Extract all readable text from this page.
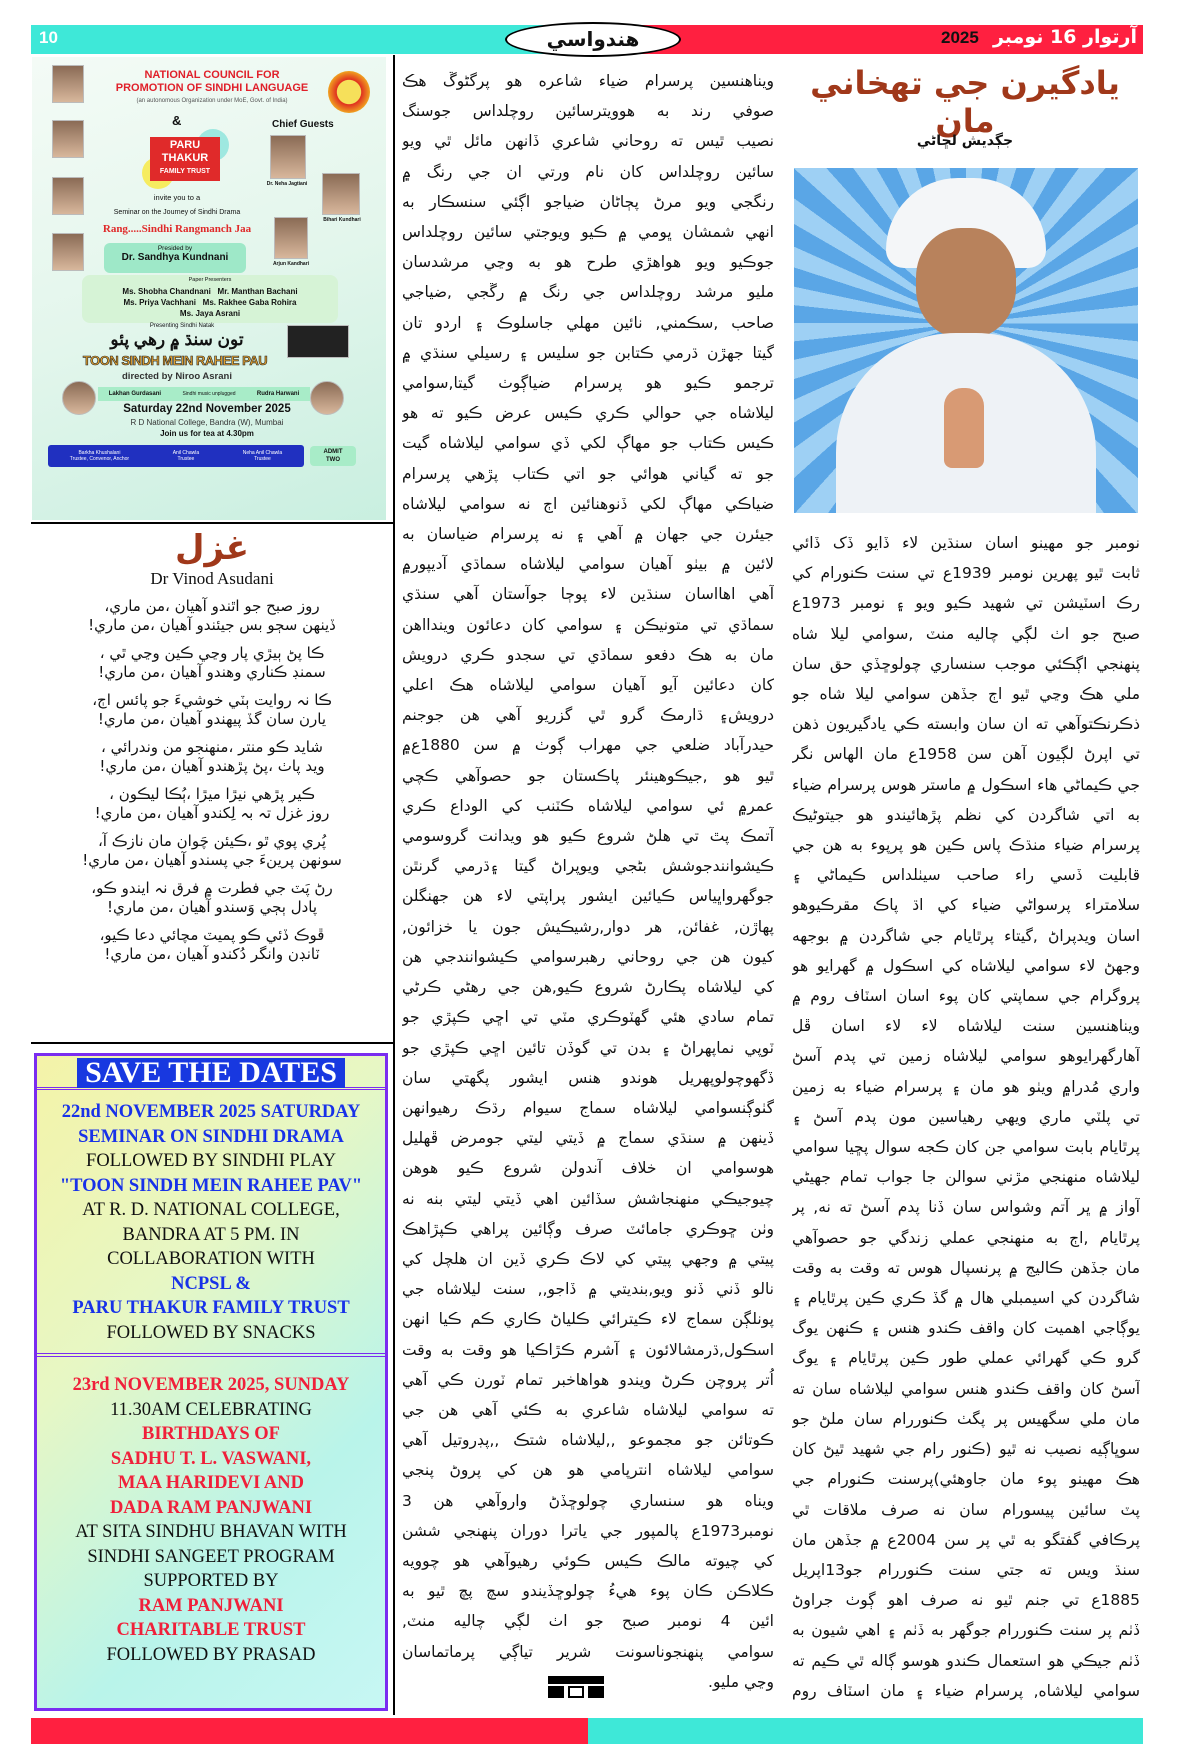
10	هندواسي	2025 آرتوار 16 نومبر
NATIONAL COUNCIL FOR
PROMOTION OF SINDHI LANGUAGE
(an autonomous Organization under MoE, Govt. of India)
&
PARU
THAKUR
FAMILY TRUST
Chief Guests
Dr. Neha Jagtiani
Bihari Kundhari
Arjun Kandhari
invite you to a
Seminar on the Journey of Sindhi Drama
Rang.....Sindhi Rangmanch Jaa
Presided by
Dr. Sandhya Kundnani
Paper Presenters
Ms. Shobha Chandnani Mr. Manthan Bachani
Ms. Priya Vachhani Ms. Rakhee Gaba Rohira
Ms. Jaya Asrani
Presenting Sindhi Natak
تون سنڌ ۾ رهي پئو
TOON SINDH MEIN RAHEE PAU
directed by Niroo Asrani
Lakhan Gurdasani	Sindhi music unplugged	Rudra Harwani
Saturday 22nd November 2025
R D National College, Bandra (W), Mumbai
Join us for tea at 4.30pm
Barkha Khushalani
Trustee, Convenor, Anchor
Anil Chawla
Trustee
Neha Anil Chawla
Trustee
ADMIT TWO
غزل
Dr Vinod Asudani
روز صبح جو اٿندو آهيان ،من ماري،
ڏينهن سڄو بس جيئندو آهيان ،من ماري!
ڪا پڻ ٻيڙي پار وڃي ڪين وڃي ٿي ،
سمنڊ ڪناري وهندو آهيان ،من ماري!
ڪا نہ روايت ٻٽي خوشيءَ جو پائس اڄ،
يارن سان گڏ پيهندو آهيان ،من ماري!
شايد ڪو منتر ،منهنجو من وندرائي ،
ويد پاٺ ،پڻ پڙهندو آهيان ،من ماري!
ڪير پڙهي نيڙا ميڙا ،ٻُڪا ليڪون ،
روز غزل تہ بہ لِکندو آهيان ،من ماري!
پُري پوي ٿو ،ڪيئن چَوان مان نازڪ آ،
سونهن پرينءَ جي پسندو آهيان ،من ماري!
رڻ پَٽ جي فطرت ۾ فرق نہ ايندو ڪو،
پادل ٻڄي وَسندو آهيان ،من ماري!
ڦوڪ ڏئي ڪو پميٽ مچائي دعا ڪيو،
ٽانڊن وانگر دُکندو آهيان ،من ماري!
SAVE THE DATES
22nd NOVEMBER 2025 SATURDAY
SEMINAR ON SINDHI DRAMA
FOLLOWED BY SINDHI PLAY
"TOON SINDH MEIN RAHEE PAV"
AT R. D. NATIONAL COLLEGE,
BANDRA AT 5 PM. IN
COLLABORATION WITH
NCPSL &
PARU THAKUR FAMILY TRUST
FOLLOWED BY SNACKS
23rd NOVEMBER 2025, SUNDAY
11.30AM CELEBRATING
BIRTHDAYS OF
SADHU T. L. VASWANI,
MAA HARIDEVI AND
DADA RAM PANJWANI
AT SITA SINDHU BHAVAN WITH
SINDHI SANGEET PROGRAM
SUPPORTED BY
RAM PANJWANI
CHARITABLE TRUST
FOLLOWED BY PRASAD
ويناهنسين پرسرام ضياء شاعره هو پرگڻوڱ هڪ
صوفي رند به هوويترسائين روچلداس جوسنگ
نصيب ٿيس ته روحاني شاعري ڏانهن مائل ٿي ويو
سائين روچلداس کان نام ورتي ان جي رنگ ۾
رنگجي ويو مرڻ پڄاڻان ضياجو اڳئي سنسڪار به
انهي شمشان ڀومي ۾ ڪيو ويوجتي سائين روچلداس
جوڪيو ويو هواهڙي طرح هو به وڃي مرشدسان
مليو مرشد روچلداس جي رنگ ۾ رڱجي ,ضياجي
صاحب ,سڪمني, نائين مهلي جاسلوڪ ۽ اردو تان
گيتا جهڙن ڌرمي ڪتابن جو سليس ۽ رسيلي سنڌي ۾
ترجمو ڪيو هو پرسرام ضياڳوٺ گيتا,سوامي
ليلاشاه جي حوالي ڪري ڪيس عرض ڪيو ته هو
ڪيس ڪتاب جو مهاڳ لکي ڏي سوامي ليلاشاه گيت
جو ته گياني هوائي جو اتي ڪتاب پڙهي پرسرام
ضياڪي مهاڳ لکي ڏنوهنائين اڄ نه سوامي ليلاشاه
جيئرن جي جهان ۾ آهي ۽ نه پرسرام ضياسان به
لائين ۾ بيٺو آهيان سوامي ليلاشاه سماڌي آديپور۾
آهي اهااسان سنڌين لاء پوڄا جوآستان آهي سنڌي
سماڌي تي متونيڪن ۽ سوامي کان دعائون ويندااهن
مان به هڪ دفعو سماڌي تي سجدو ڪري درويش
کان دعائين آيو آهيان سوامي ليلاشاه هڪ اعلي
درويش۽ ڌارمڪ گرو ٿي گزريو آهي هن جوجنم
حيدرآباد ضلعي جي مهراب ڳوٺ ۾ سن 1880ع۾
ٿيو هو ,جيڪوهينئر پاڪستان جو حصوآهي ڪچي
عمر۾ ئي سوامي ليلاشاه ڪٽنب کي الوداع ڪري
آتمڪ پٿ تي هلڻ شروع ڪيو هو ويدانت گروسومي
ڪيشوانندجوشش بڻجي ويوپراڻ گيتا ۽ڌرمي گرنٿن
جوگهرواڀياس ڪيائين ايشور پراپتي لاء هن جهنگلن
پهاڙن, غفائن, هر دوار,رشيڪيش جون يا خزائون,
کيون هن جي روحاني رهبرسوامي ڪيشوانندجي هن
کي ليلاشاه پڪارڻ شروع ڪيو,هن جي رهڻي ڪرڻي
تمام سادي هئي گهٽوڪري مٽي تي اڇي ڪپڙي جو
ٽوپي نماپهراڻ ۽ بدن تي گوڏن تائين اڇي ڪپڙي جو
ڏگهوچولوپهريل هوندو هنس ايشور پگهتي سان
گٺوڳنسوامي ليلاشاه سماج سيوام رڌڪ رهيوانهن
ڏينهن ۾ سنڌي سماج ۾ ڏيتي ليتي جومرض ڦهليل
هوسوامي ان خلاف آندولن شروع ڪيو هوهن
چيوجيڪي منهنجاشش سڏائين اهي ڏيتي ليتي بنه نه
وٺن ڇوڪري جامائٽ صرف وڳائين پراهي ڪپڙاهڪ
پيتي ۾ وجهي پيتي کي لاڪ ڪري ڏين ان هلچل کي
نالو ڏني ڏنو ويو,بنديتي ۾ ڏاجو,, سنت ليلاشاه جي
پونلڳن سماج لاء ڪيترائي ڪلياڻ ڪاري ڪم ڪيا انهن
اسڪول,ڌرمشالائون ۽ آشرم ڪڙاڪيا هو وقت به وقت
اُتر پروچن ڪرڻ ويندو هواهاخبر تمام ٽورن ڪي آهي
ته سوامي ليلاشاه شاعري به ڪئي آهي هن جي
ڪوتائن جو مجموعو ,,ليلاشاه شتڪ ,,پڊروتيل آهي
سوامي ليلاشاه انترپامي هو هن کي پروڻ پنجي
ويناه هو سنساري چولوڇڏڻ واروآهي هن 3
نومبر1973ع پالمپور جي ياترا دوران پنهنجي ششن
کي چيوته مالڪ ڪيس ڪوئي رهيوآهي هو چوويه
ڪلاڪن ڪان پوء هيءُ چولوڇڏيندو سچ پچ ٿيو به
ائين 4 نومبر صبح جو اٺ لڳي چاليه منٽ,
سوامي پنهنجوناسونت شرير تياڳي پرماتماسان
وڃي مليو.
يادگيرن جي تهخاني مان
جڳديش لڇاڻي
نومبر جو مهينو اسان سنڌين لاء ڏايو ڏک ڏائي
ثابت ٿيو پهرين نومبر 1939ع تي سنت ڪنورام کي
رڪ اسٽيشن تي شهيد ڪيو ويو ۽ نومبر 1973ع
صبح جو اٺ لڳي چاليه منٽ ,سوامي ليلا شاه
پنهنجي اڳڪئي موجب سنساري چولوڇڏي حق سان
ملي هڪ وڃي ٿيو اڄ جڏهن سوامي ليلا شاه جو
ذڪرنڪتوآهي ته ان سان وابسته ڪي يادگيريون ذهن
تي اپرڻ لڳيون آهن سن 1958ع مان الهاس نگر
جي ڪيماڻي هاء اسڪول ۾ ماستر هوس پرسرام ضياء
به اتي شاگردن کي نظم پڙهائيندو هو جيتوڻيڪ
پرسرام ضياء منڌڪ پاس ڪين هو پرپوء به هن جي
قابليت ڏسي راء صاحب سيٺلداس ڪيماڻي ۽
سلامتراء پرسواڻي ضياء کي اڌ پاڪ مقرڪيوهو
اسان ويدپراڻ ,گيتاء پرٿايام جي شاگردن ۾ بوجهه
وجهڻ لاء سوامي ليلاشاه کي اسڪول ۾ گهرايو هو
پروگرام جي سماپتي کان پوء اسان اسٽاف روم ۾
ويناهنسين سنت ليلاشاه لاء لاء اسان ڦل
آهارگهرايوهو سوامي ليلاشاه زمين تي پدم آسڻ
واري مُدرا۾ ويٺو هو مان ۽ پرسرام ضياء به زمين
تي پلٽي ماري ويهي رهياسين مون پدم آسڻ ۽
پرٿايام بابت سوامي جن کان ڪجه سوال پڇيا سوامي
ليلاشاه منهنجي مڙني سوالن جا جواب تمام جهيڻي
آواز ۾ ڀر آتم وشواس سان ڏنا پدم آسڻ ته نه, پر
پرٿايام ,اڄ به منهنجي عملي زندگي جو حصوآهي
مان جڏهن ڪاليج ۾ پرنسپال هوس ته وقت به وقت
شاگردن کي اسيمبلي هال ۾ گڏ ڪري ڪين پرٿايام ۽
يوڳاجي اهميت کان واقف ڪندو هنس ۽ ڪنهن يوگ
گرو ڪي گهرائي عملي طور ڪين پرٿايام ۽ يوگ
آسڻ کان واقف ڪندو هنس سوامي ليلاشاه سان ته
مان ملي سگهيس پر پگٺ ڪنوررام سان ملڻ جو
سوڀاڳيه نصيب نه ٿيو (ڪنور رام جي شهيد ٿيڻ کان
هڪ مهينو پوء مان جاوهئي)پرسنت ڪنورام جي
پٽ سائين پيسورام سان نه صرف ملاقات ٿي
پرڪافي گفتگو به ٿي پر سن 2004ع ۾ جڏهن مان
سنڌ ويس ته جتي سنت ڪنوررام جو13اپريل
1885ع تي جنم ٿيو نه صرف اهو ڳوٺ جراوڻ
ڏٺم پر سنت ڪنوررام جوگهر به ڏٺم ۽ اهي شيون به
ڏٺم جيڪي هو استعمال ڪندو هوسو ڳاله ٿي ڪيم ته
سوامي ليلاشاه, پرسرام ضياء ۽ مان اسٽاف روم
